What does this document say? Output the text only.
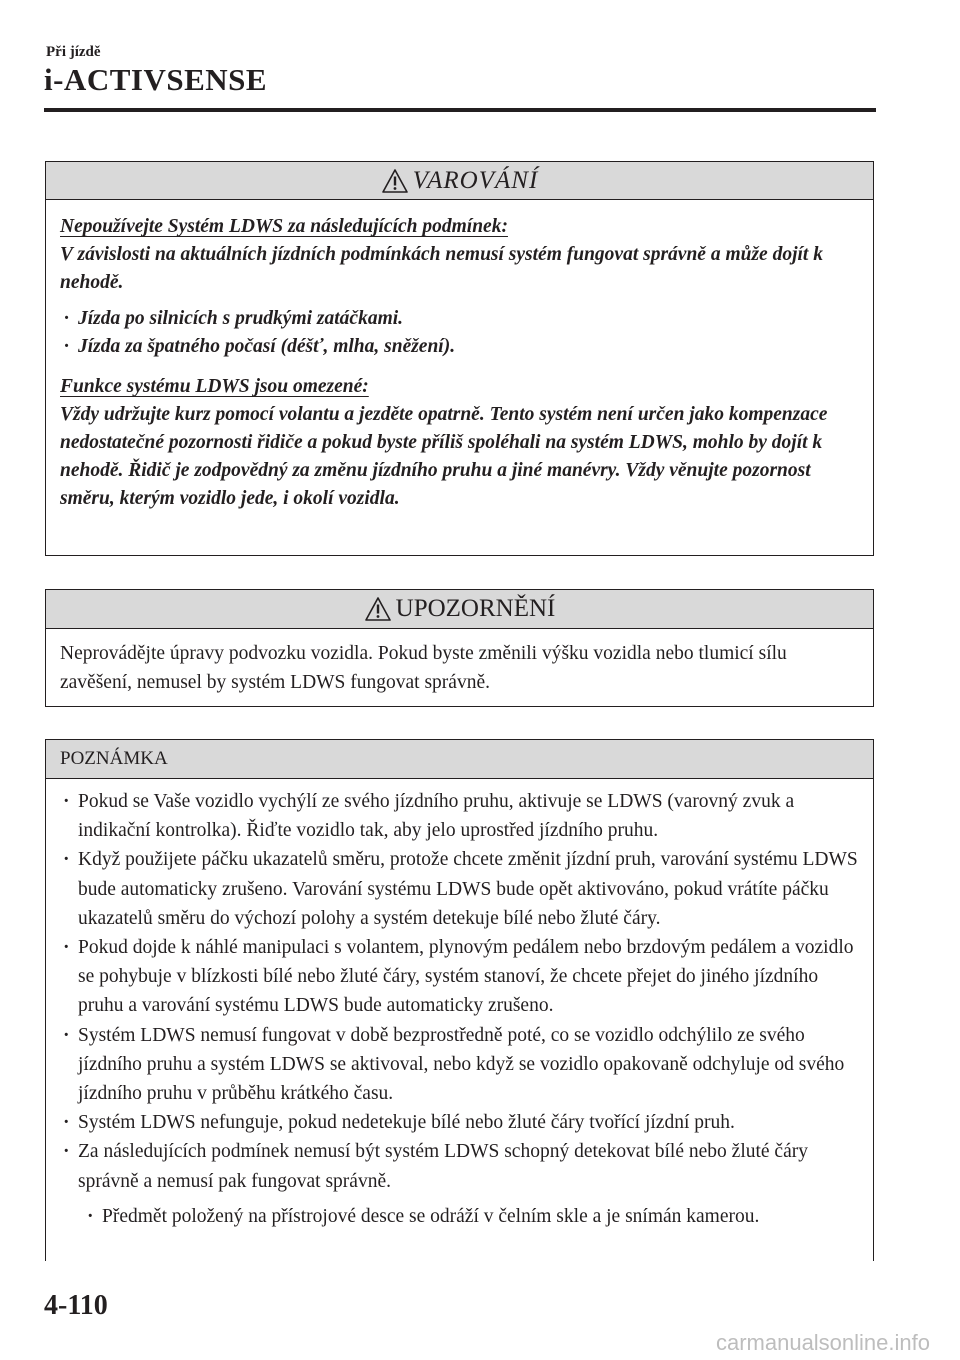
Při jízdě
i-ACTIVSENSE
VAROVÁNÍ

Nepoužívejte Systém LDWS za následujících podmínek:
V závislosti na aktuálních jízdních podmínkách nemusí systém fungovat správně a může dojít k nehodě.

· Jízda po silnicích s prudkými zatáčkami.
· Jízda za špatného počasí (déšť, mlha, sněžení).

Funkce systému LDWS jsou omezené:
Vždy udržujte kurz pomocí volantu a jezděte opatrně. Tento systém není určen jako kompenzace nedostatečné pozornosti řidiče a pokud byste příliš spoléhali na systém LDWS, mohlo by dojít k nehodě. Řidič je zodpovědný za změnu jízdního pruhu a jiné manévry. Vždy věnujte pozornost směru, kterým vozidlo jede, i okolí vozidla.

UPOZORNĚNÍ
Neprovádějte úpravy podvozku vozidla. Pokud byste změnili výšku vozidla nebo tlumicí sílu zavěšení, nemusel by systém LDWS fungovat správně.
POZNÁMKA
· Pokud se Vaše vozidlo vychýlí ze svého jízdního pruhu, aktivuje se LDWS (varovný zvuk a indikační kontrolka). Řiďte vozidlo tak, aby jelo uprostřed jízdního pruhu.
· Když použijete páčku ukazatelů směru, protože chcete změnit jízdní pruh, varování systému LDWS bude automaticky zrušeno. Varování systému LDWS bude opět aktivováno, pokud vrátíte páčku ukazatelů směru do výchozí polohy a systém detekuje bílé nebo žluté čáry.
· Pokud dojde k náhlé manipulaci s volantem, plynovým pedálem nebo brzdovým pedálem a vozidlo se pohybuje v blízkosti bílé nebo žluté čáry, systém stanoví, že chcete přejet do jiného jízdního pruhu a varování systému LDWS bude automaticky zrušeno.
· Systém LDWS nemusí fungovat v době bezprostředně poté, co se vozidlo odchýlilo ze svého jízdního pruhu a systém LDWS se aktivoval, nebo když se vozidlo opakovaně odchyluje od svého jízdního pruhu v průběhu krátkého času.
· Systém LDWS nefunguje, pokud nedetekuje bílé nebo žluté čáry tvořící jízdní pruh.
· Za následujících podmínek nemusí být systém LDWS schopný detekovat bílé nebo žluté čáry správně a nemusí pak fungovat správně.
· Předmět položený na přístrojové desce se odráží v čelním skle a je snímán kamerou.
4-110
carmanualsonline.info
